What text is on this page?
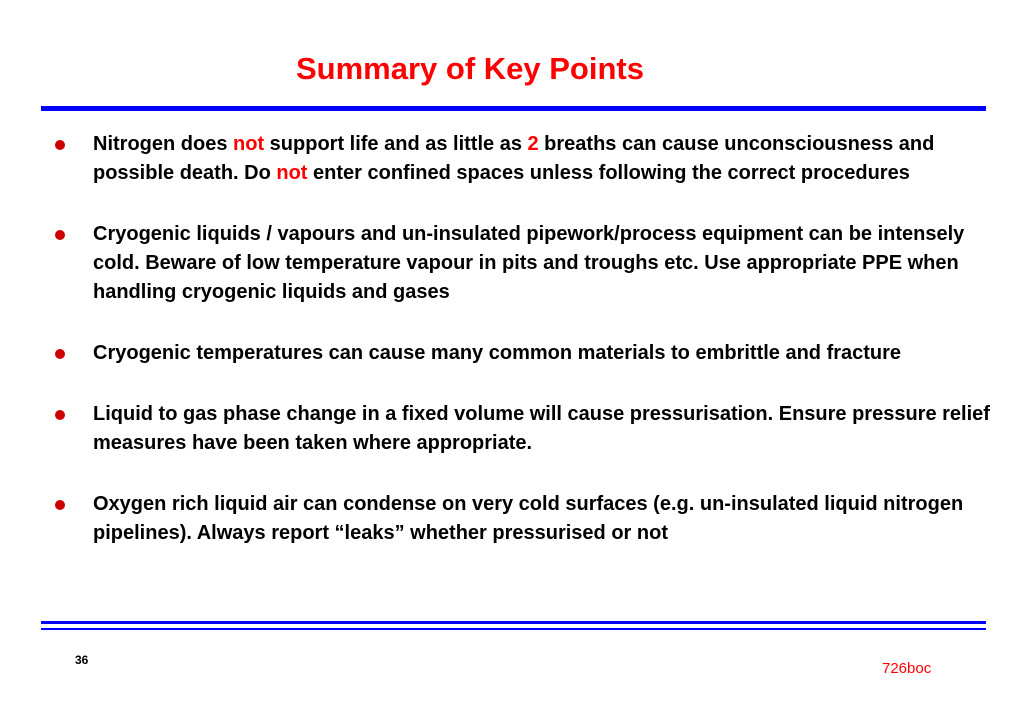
Summary of Key Points
Nitrogen does not support life and as little as 2 breaths can cause unconsciousness and possible death. Do not enter confined spaces unless following the correct procedures
Cryogenic liquids / vapours and un-insulated pipework/process equipment can be intensely cold. Beware of low temperature vapour in pits and troughs etc. Use appropriate PPE when handling cryogenic liquids and gases
Cryogenic temperatures can cause many common materials to embrittle and fracture
Liquid to gas phase change in a fixed volume will cause pressurisation. Ensure pressure relief measures have been taken where appropriate.
Oxygen rich liquid air can condense on very cold surfaces (e.g. un-insulated liquid nitrogen pipelines). Always report “leaks” whether pressurised or not
36	726boc
